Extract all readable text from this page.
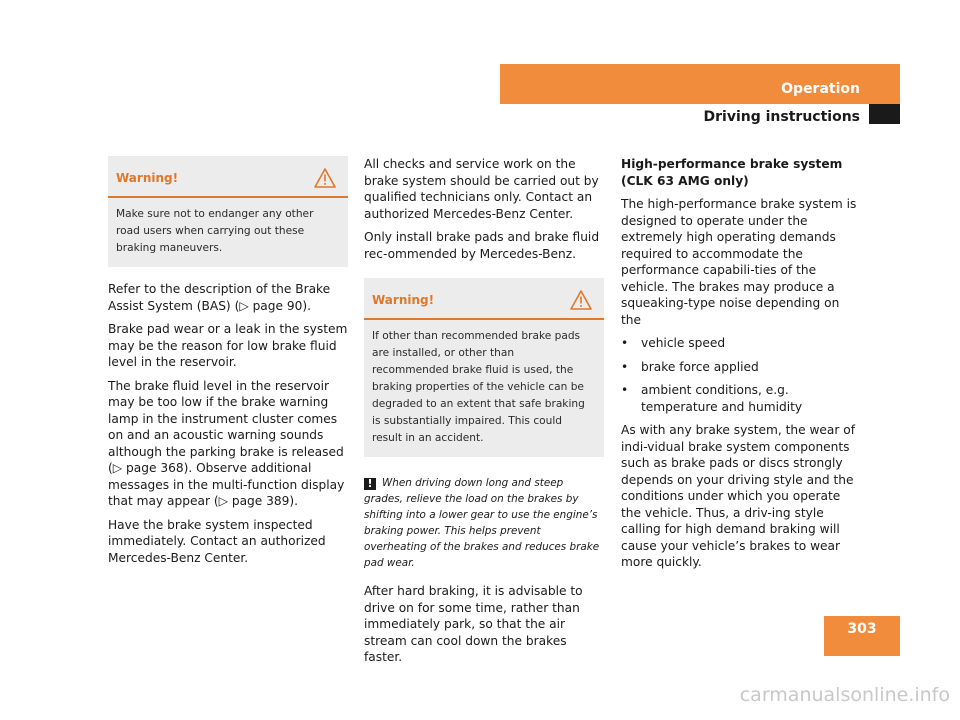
Operation
Driving instructions
Warning!
Make sure not to endanger any other road users when carrying out these braking maneuvers.

Refer to the description of the Brake Assist System (BAS) (▷ page 90).

Brake pad wear or a leak in the system may be the reason for low brake fluid level in the reservoir.

The brake fluid level in the reservoir may be too low if the brake warning lamp in the instrument cluster comes on and an acoustic warning sounds although the parking brake is released (▷ page 368). Observe additional messages in the multi-function display that may appear (▷ page 389).

Have the brake system inspected immediately. Contact an authorized Mercedes-Benz Center.

All checks and service work on the brake system should be carried out by qualified technicians only. Contact an authorized Mercedes-Benz Center.

Only install brake pads and brake fluid rec-ommended by Mercedes-Benz.

Warning!
If other than recommended brake pads are installed, or other than recommended brake fluid is used, the braking properties of the vehicle can be degraded to an extent that safe braking is substantially impaired. This could result in an accident.
! When driving down long and steep grades, relieve the load on the brakes by shifting into a lower gear to use the engine’s braking power. This helps prevent overheating of the brakes and reduces brake pad wear.

After hard braking, it is advisable to drive on for some time, rather than immediately park, so that the air stream can cool down the brakes faster.

High-performance brake system
(CLK 63 AMG only)

The high-performance brake system is designed to operate under the extremely high operating demands required to accommodate the performance capabili-ties of the vehicle. The brakes may produce a squeaking-type noise depending on the

• vehicle speed
• brake force applied
• ambient conditions, e.g. temperature and humidity

As with any brake system, the wear of indi-vidual brake system components such as brake pads or discs strongly depends on your driving style and the conditions under which you operate the vehicle. Thus, a driv-ing style calling for high demand braking will cause your vehicle’s brakes to wear more quickly.

303
carmanualsonline.info
